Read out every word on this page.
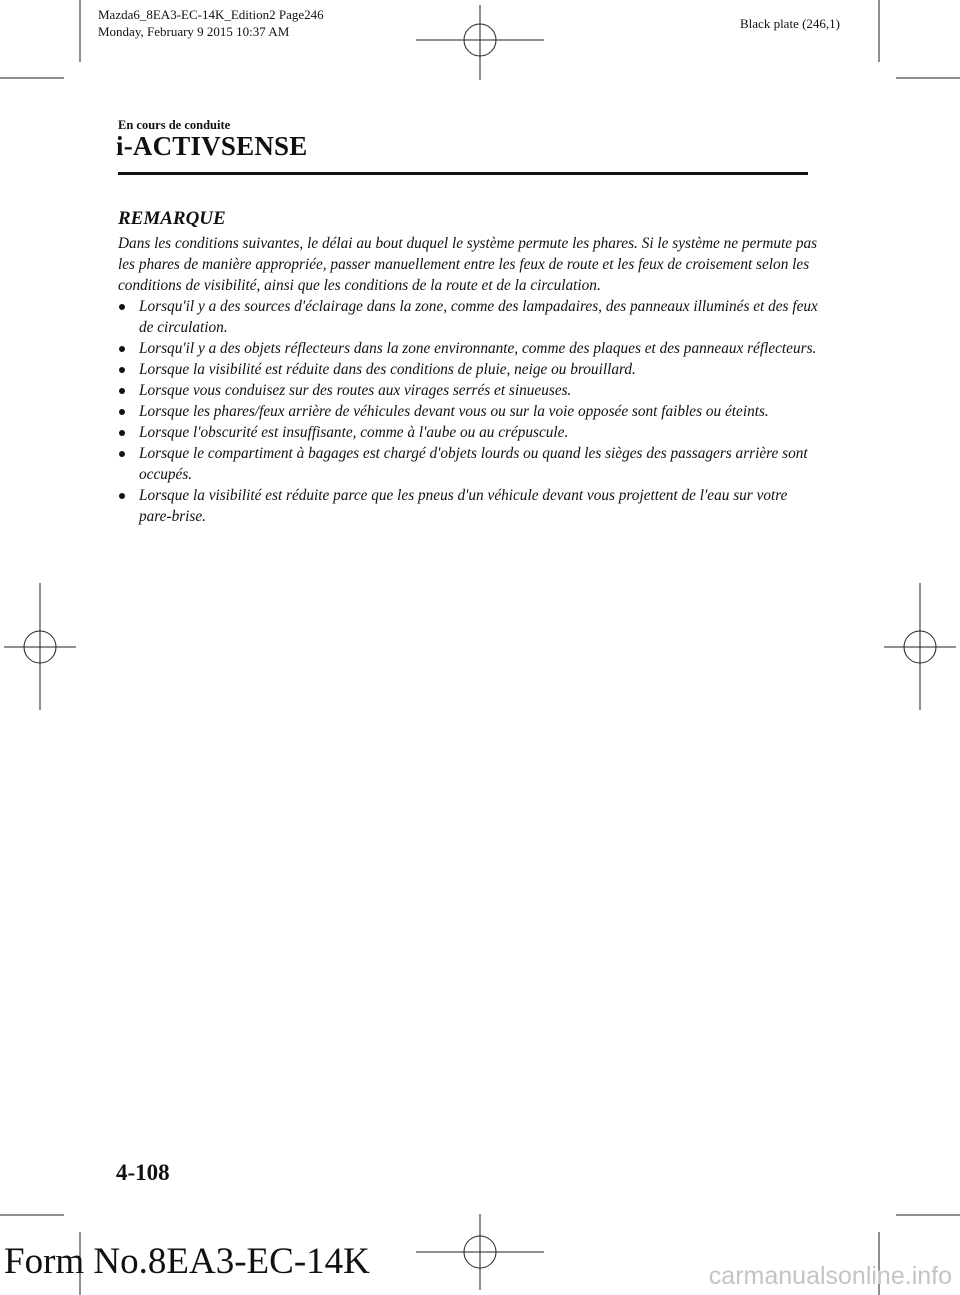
Mazda6_8EA3-EC-14K_Edition2 Page246
Monday, February 9 2015 10:37 AM
Black plate (246,1)
En cours de conduite
i-ACTIVSENSE
REMARQUE

Dans les conditions suivantes, le délai au bout duquel le système permute les phares. Si le système ne permute pas les phares de manière appropriée, passer manuellement entre les feux de route et les feux de croisement selon les conditions de visibilité, ainsi que les conditions de la route et de la circulation.

Lorsqu'il y a des sources d'éclairage dans la zone, comme des lampadaires, des panneaux illuminés et des feux de circulation.
Lorsqu'il y a des objets réflecteurs dans la zone environnante, comme des plaques et des panneaux réflecteurs.
Lorsque la visibilité est réduite dans des conditions de pluie, neige ou brouillard.
Lorsque vous conduisez sur des routes aux virages serrés et sinueuses.
Lorsque les phares/feux arrière de véhicules devant vous ou sur la voie opposée sont faibles ou éteints.
Lorsque l'obscurité est insuffisante, comme à l'aube ou au crépuscule.
Lorsque le compartiment à bagages est chargé d'objets lourds ou quand les sièges des passagers arrière sont occupés.
Lorsque la visibilité est réduite parce que les pneus d'un véhicule devant vous projettent de l'eau sur votre pare-brise.
4-108
Form No.8EA3-EC-14K	carmanualsonline.info
